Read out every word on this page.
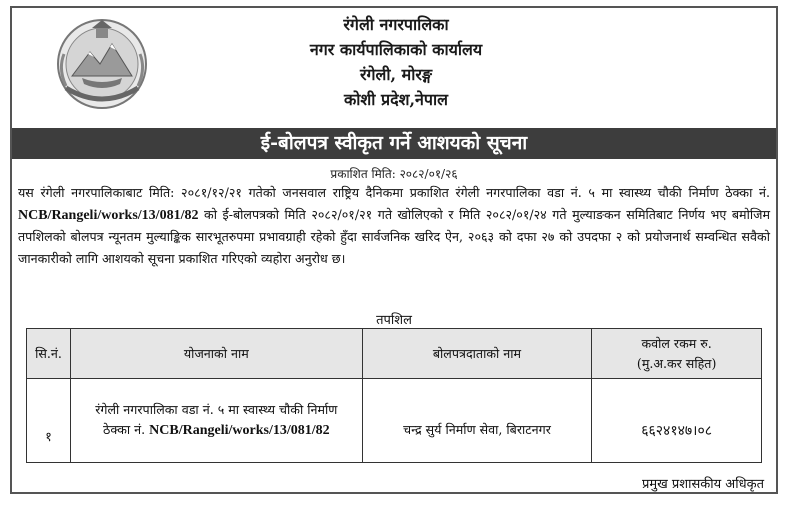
रंगेली नगरपालिका
नगर कार्यपालिकाको कार्यालय
रंगेली, मोरङ्ग
कोशी प्रदेश,नेपाल
ई-बोलपत्र स्वीकृत गर्ने आशयको सूचना
प्रकाशित मिति: २०८२/०१/२६
यस रंगेली नगरपालिकाबाट मिति: २०८१/१२/२१ गतेको जनसवाल राष्ट्रिय दैनिकमा प्रकाशित रंगेली नगरपालिका वडा नं. ५ मा स्वास्थ्य चौकी निर्माण ठेक्का नं. NCB/Rangeli/works/13/081/82 को ई-बोलपत्रको मिति २०८२/०१/२१ गते खोलिएको र मिति २०८२/०१/२४ गते मुल्याङकन समितिबाट निर्णय भए बमोजिम तपशिलको बोलपत्र न्यूनतम मुल्याङ्किक सारभूतरुपमा प्रभावग्राही रहेको हुँदा सार्वजनिक खरिद ऐन, २०६३ को दफा २७ को उपदफा २ को प्रयोजनार्थ सम्वन्धित सवैको जानकारीको लागि आशयको सूचना प्रकाशित गरिएको व्यहोरा अनुरोध छ।
तपशिल
सि.नं.	योजनाको नाम	बोलपत्रदाताको नाम	कवोल रकम रु.
(मु.अ.कर सहित)

१	रंगेली नगरपालिका वडा नं. ५ मा स्वास्थ्य चौकी निर्माण
ठेक्का नं. NCB/Rangeli/works/13/081/82	चन्द्र सुर्य निर्माण सेवा, बिराटनगर	६६२४१४७।०८
प्रमुख प्रशासकीय अधिकृत
